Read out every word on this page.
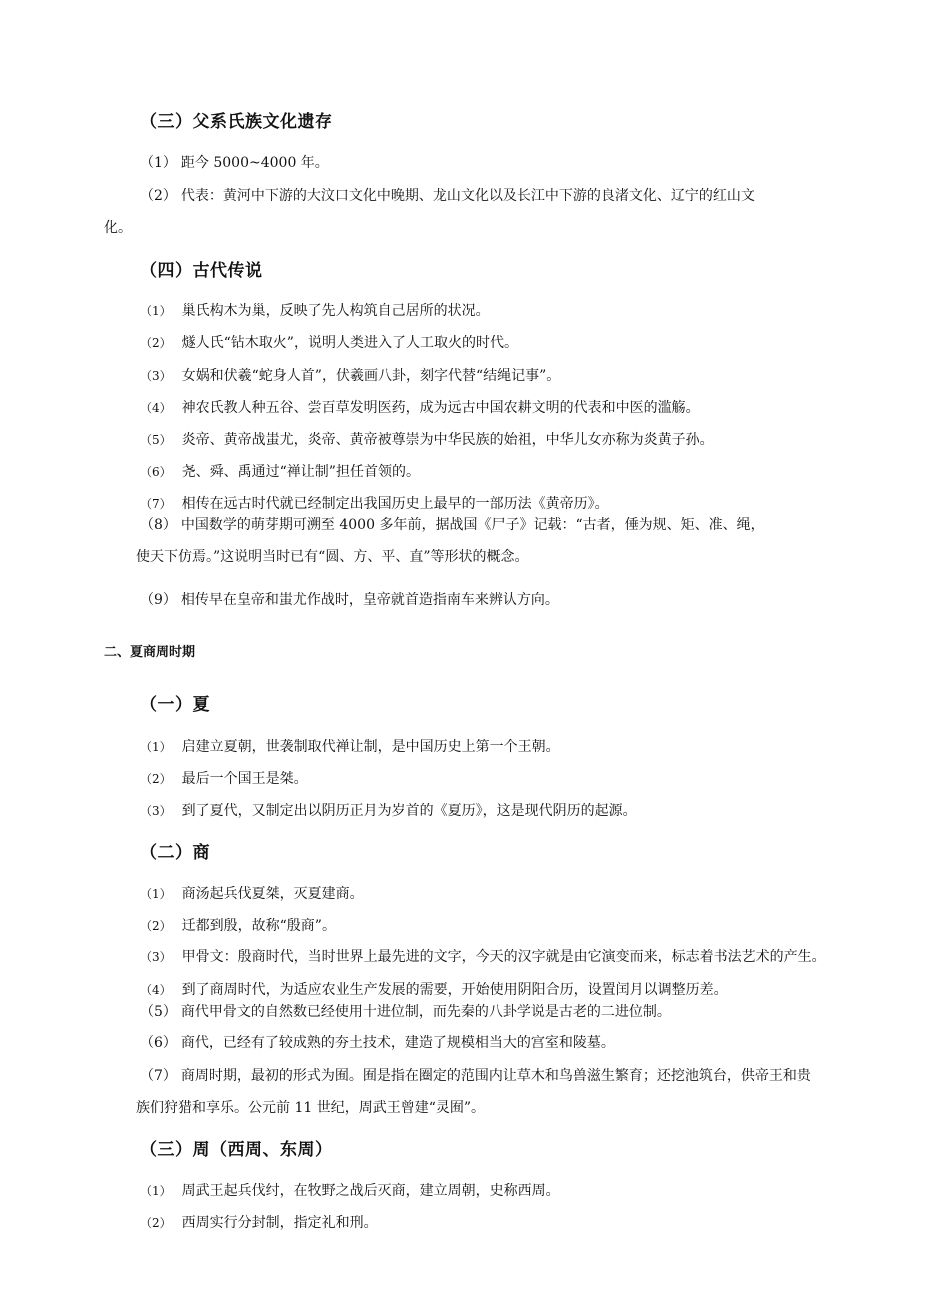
（三）父系氏族文化遗存
（1） 距今 5000~4000 年。
（2） 代表：黄河中下游的大汶口文化中晚期、龙山文化以及长江中下游的良渚文化、辽宁的红山文
化。
（四）古代传说
（1） 巢氏构木为巢，反映了先人构筑自己居所的状况。
（2） 燧人氏“钻木取火”，说明人类进入了人工取火的时代。
（3） 女娲和伏羲“蛇身人首”，伏羲画八卦，刻字代替“结绳记事”。
（4） 神农氏教人种五谷、尝百草发明医药，成为远古中国农耕文明的代表和中医的滥觞。
（5） 炎帝、黄帝战蚩尤，炎帝、黄帝被尊崇为中华民族的始祖，中华儿女亦称为炎黄子孙。
（6） 尧、舜、禹通过“禅让制”担任首领的。
（7） 相传在远古时代就已经制定出我国历史上最早的一部历法《黄帝历》。
（8） 中国数学的萌芽期可溯至 4000 多年前，据战国《尸子》记载：“古者，倕为规、矩、准、绳，
使天下仿焉。”这说明当时已有“圆、方、平、直”等形状的概念。
（9） 相传早在皇帝和蚩尤作战时，皇帝就首造指南车来辨认方向。
二、夏商周时期
（一）夏
（1） 启建立夏朝，世袭制取代禅让制，是中国历史上第一个王朝。
（2） 最后一个国王是桀。
（3） 到了夏代，又制定出以阴历正月为岁首的《夏历》，这是现代阴历的起源。
（二）商
（1） 商汤起兵伐夏桀，灭夏建商。
（2） 迁都到殷，故称“殷商”。
（3） 甲骨文：殷商时代，当时世界上最先进的文字，今天的汉字就是由它演变而来，标志着书法艺术的产生。
（4） 到了商周时代，为适应农业生产发展的需要，开始使用阴阳合历，设置闰月以调整历差。
（5） 商代甲骨文的自然数已经使用十进位制，而先秦的八卦学说是古老的二进位制。
（6） 商代，已经有了较成熟的夯土技术，建造了规模相当大的宫室和陵墓。
（7） 商周时期，最初的形式为囿。囿是指在圈定的范围内让草木和鸟兽滋生繁育；还挖池筑台，供帝王和贵
族们狩猎和享乐。公元前 11 世纪，周武王曾建“灵囿”。
（三）周（西周、东周）
（1） 周武王起兵伐纣，在牧野之战后灭商，建立周朝，史称西周。
（2） 西周实行分封制，指定礼和刑。
